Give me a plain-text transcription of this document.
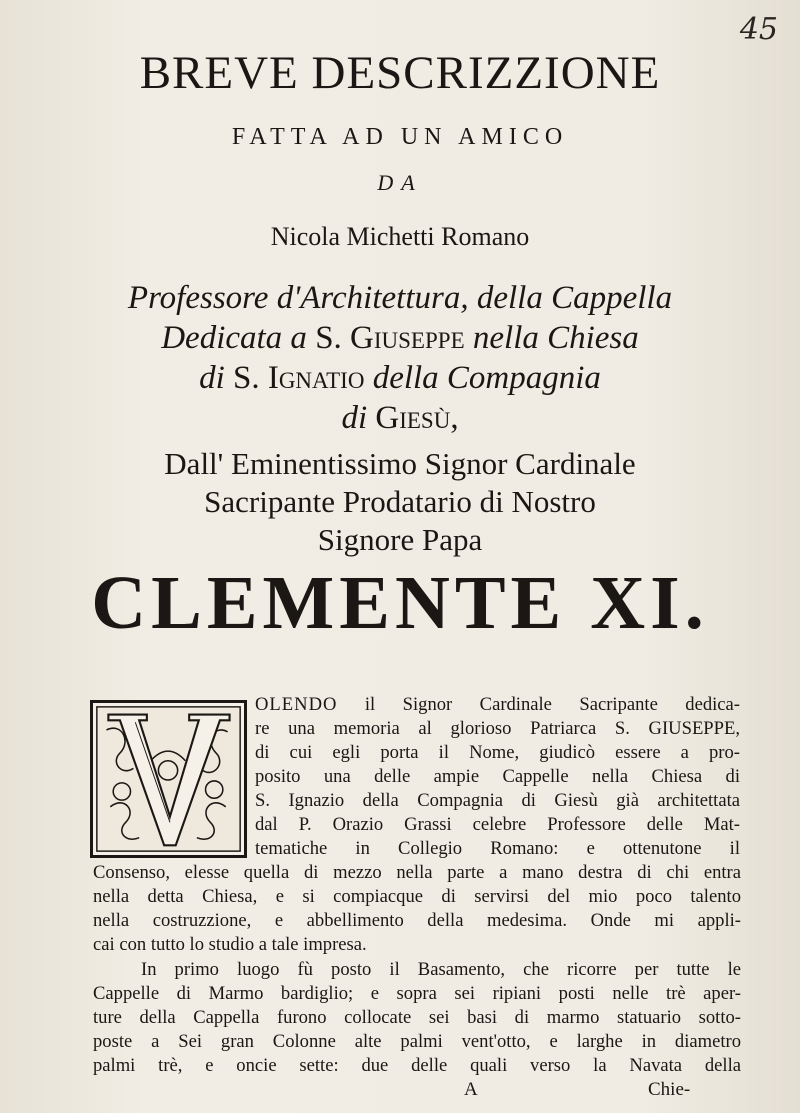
45
BREVE DESCRIZZIONE
FATTA AD UN AMICO
DA
Nicola Michetti Romano
Professore d'Architettura, della Cappella
Dedicata a S. Giuseppe nella Chiesa
di S. Ignatio della Compagnia
di Giesù,
Dall' Eminentissimo Signor Cardinale
Sacripante Prodatario di Nostro
Signore Papa
CLEMENTE XI.
OLENDO il Signor Cardinale Sacripante dedica-
re una memoria al glorioso Patriarca S. GIUSEPPE,
di cui egli porta il Nome, giudicò essere a pro-
posito una delle ampie Cappelle nella Chiesa di
S. Ignazio della Compagnia di Giesù già architettata
dal P. Orazio Grassi celebre Professore delle Mat-
tematiche in Collegio Romano: e ottenutone il
Consenso, elesse quella di mezzo nella parte a mano destra di chi entra
nella detta Chiesa, e si compiacque di servirsi del mio poco talento
nella costruzzione, e abbellimento della medesima. Onde mi appli-
cai con tutto lo studio a tale impresa.
In primo luogo fù posto il Basamento, che ricorre per tutte le
Cappelle di Marmo bardiglio; e sopra sei ripiani posti nelle trè aper-
ture della Cappella furono collocate sei basi di marmo statuario sotto-
poste a Sei gran Colonne alte palmi vent'otto, e larghe in diametro
palmi trè, e oncie sette: due delle quali verso la Navata della
A	Chie-
